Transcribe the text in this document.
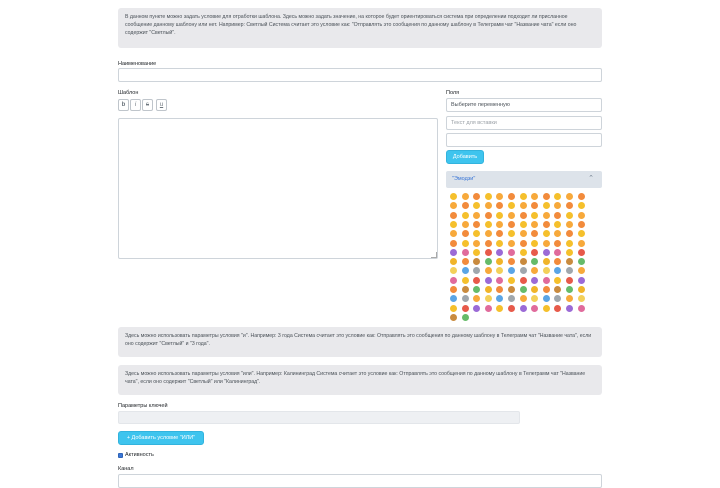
В данном пункте можно задать условие для отработки шаблона. Здесь можно задать значение, на которое будет ориентироваться система при определении подходит ли присланное сообщение данному шаблону или нет. Например: Светлый Система считает это условие как: "Отправлять это сообщения по данному шаблону в Телеграмм чат "Название чата" если оно содержит "Светлый".
Наименование
Шаблон
b	i	s	u
Поля
Выберите переменную
Текст для вставки
Добавить
"Эмодзи"	⌃
Здесь можно использовать параметры условия "и". Например: 3 года Система считает это условие как: Отправлять это сообщения по данному шаблону в Телеграмм чат "Название чата", если оно содержит "Светлый" и "3 года".
Здесь можно использовать параметры условия "или". Например: Калининград Система считает это условие как: Отправлять это сообщения по данному шаблону в Телеграмм чат "Название чата", если оно содержит "Светлый" или "Калининград".
Параметры ключей
+ Добавить условие "ИЛИ"
Активность
Канал
